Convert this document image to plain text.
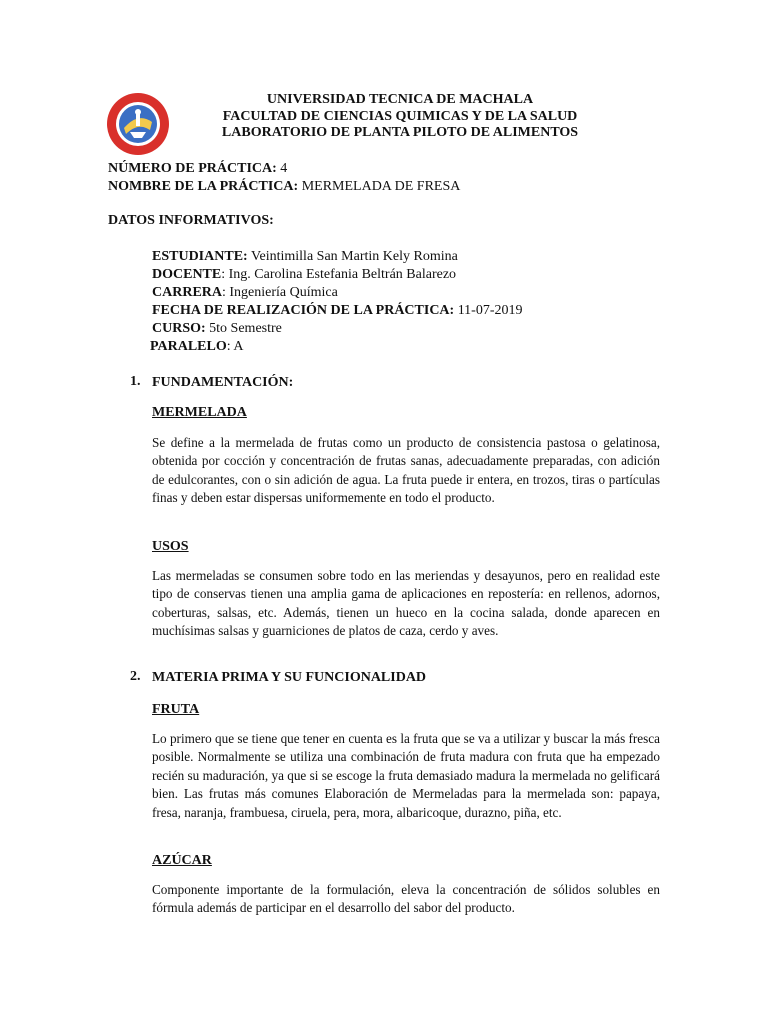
UNIVERSIDAD TECNICA DE MACHALA
FACULTAD DE CIENCIAS QUIMICAS Y DE LA SALUD
LABORATORIO DE PLANTA PILOTO DE ALIMENTOS
NÚMERO DE PRÁCTICA: 4
NOMBRE DE LA PRÁCTICA: MERMELADA DE FRESA
DATOS INFORMATIVOS:
ESTUDIANTE: Veintimilla San Martin Kely Romina
DOCENTE: Ing. Carolina Estefania Beltrán Balarezo
CARRERA: Ingeniería Química
FECHA DE REALIZACIÓN DE LA PRÁCTICA: 11-07-2019
CURSO: 5to Semestre
PARALELO: A
1. FUNDAMENTACIÓN:
MERMELADA
Se define a la mermelada de frutas como un producto de consistencia pastosa o gelatinosa, obtenida por cocción y concentración de frutas sanas, adecuadamente preparadas, con adición de edulcorantes, con o sin adición de agua. La fruta puede ir entera, en trozos, tiras o partículas finas y deben estar dispersas uniformemente en todo el producto.
USOS
Las mermeladas se consumen sobre todo en las meriendas y desayunos, pero en realidad este tipo de conservas tienen una amplia gama de aplicaciones en repostería: en rellenos, adornos, coberturas, salsas, etc. Además, tienen un hueco en la cocina salada, donde aparecen en muchísimas salsas y guarniciones de platos de caza, cerdo y aves.
2. MATERIA PRIMA Y SU FUNCIONALIDAD
FRUTA
Lo primero que se tiene que tener en cuenta es la fruta que se va a utilizar y buscar la más fresca posible. Normalmente se utiliza una combinación de fruta madura con fruta que ha empezado recién su maduración, ya que si se escoge la fruta demasiado madura la mermelada no gelificará bien. Las frutas más comunes Elaboración de Mermeladas para la mermelada son: papaya, fresa, naranja, frambuesa, ciruela, pera, mora, albaricoque, durazno, piña, etc.
AZÚCAR
Componente importante de la formulación, eleva la concentración de sólidos solubles en fórmula además de participar en el desarrollo del sabor del producto.
